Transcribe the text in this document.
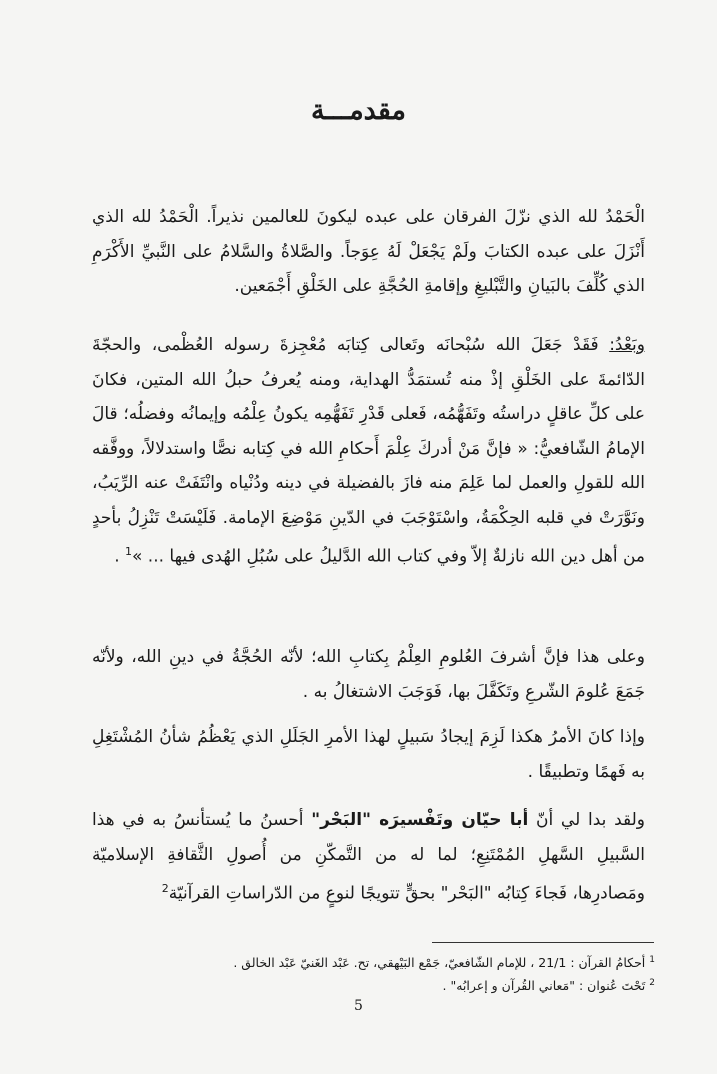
مقدمـــة

الْحَمْدُ لله الذي نزّلَ الفرقان على عبده ليكونَ للعالمين نذيراً. الْحَمْدُ لله الذي أَنْزَلَ على عبده الكتابَ ولَمْ يَجْعَلْ لَهُ عِوَجاً. والصَّلاةُ والسَّلامُ على النَّبيِّ الأَكْرَمِ الذي كُلِّفَ بالبَيانِ والتَّبْليغِ وإقامةِ الحُجَّةِ على الخَلْقِ أَجْمَعين.

وبَعْدُ: فَقَدْ جَعَلَ الله سُبْحانَه وتَعالى كِتابَه مُعْجِزةَ رسوله العُظْمى، والحجّةَ الدّائمةَ على الخَلْقِ إذْ منه تُستمَدُّ الهداية، ومنه يُعرفُ حبلُ الله المتين، فكانَ على كلِّ عاقلٍ دراستُه وتَفَهُّمُه، فَعلى قَدْرِ تَفَهُّمِه يكونُ عِلْمُه وإيمانُه وفضلُه؛ قالَ الإمامُ الشّافعيُّ: « فإنَّ مَنْ أدركَ عِلْمَ أَحكامِ الله في كِتابه نصًّا واستدلالاً، ووفَّقه الله للقولِ والعمل لما عَلِمَ منه فازَ بالفضيلة في دينه ودُنْياه وانْتَفَتْ عنه الرِّيَبُ، ونَوَّرَتْ في قلبه الحِكْمَةُ، واسْتَوْجَبَ في الدّينِ مَوْضِعَ الإمامة. فَلَيْسَتْ تَنْزِلُ بأحدٍ من أهل دين الله نازلةٌ إلاّ وفي كتاب الله الدَّليلُ على سُبُلِ الهُدى فيها ... »$^1$ .

وعلى هذا فإنَّ أشرفَ العُلومِ العِلْمُ بِكتابِ الله؛ لأنّه الحُجَّةُ في دينِ الله، ولأنّه جَمَعَ عُلومَ الشّرعِ وتَكَفَّلَ بها، فَوَجَبَ الاشتغالُ به .

وإذا كانَ الأمرُ هكذا لَزِمَ إيجادُ سَبيلٍ لهذا الأمرِ الجَلَلِ الذي يَعْظُمُ شأنُ المُشْتَغِلِ به فَهمًا وتطبيقًا .

ولقد بدا لي أنّ أبا حيّان وتَفْسيرَه "البَحْر" أحسنُ ما يُستأنسُ به في هذا السَّبيلِ السَّهلِ المُمْتَنِعِ؛ لما له من التَّمكّنِ من أُصولِ الثَّقافةِ الإسلاميّة ومَصادرِها، فَجاءَ كِتابُه "البَحْر" بحقٍّ تتويجًا لنوعٍ من الدّراساتِ القرآنيّة$^2$

$^1$ أحكامُ القرآن : 21/1 ، للإمام الشّافعيّ، جَمْع البَيْهقي، تح. عَبْد الغَنيّ عَبْد الخالق .

$^2$ تَحْتَ عُنوان : "مَعاني القُرآن و إعرابُه" .

5
